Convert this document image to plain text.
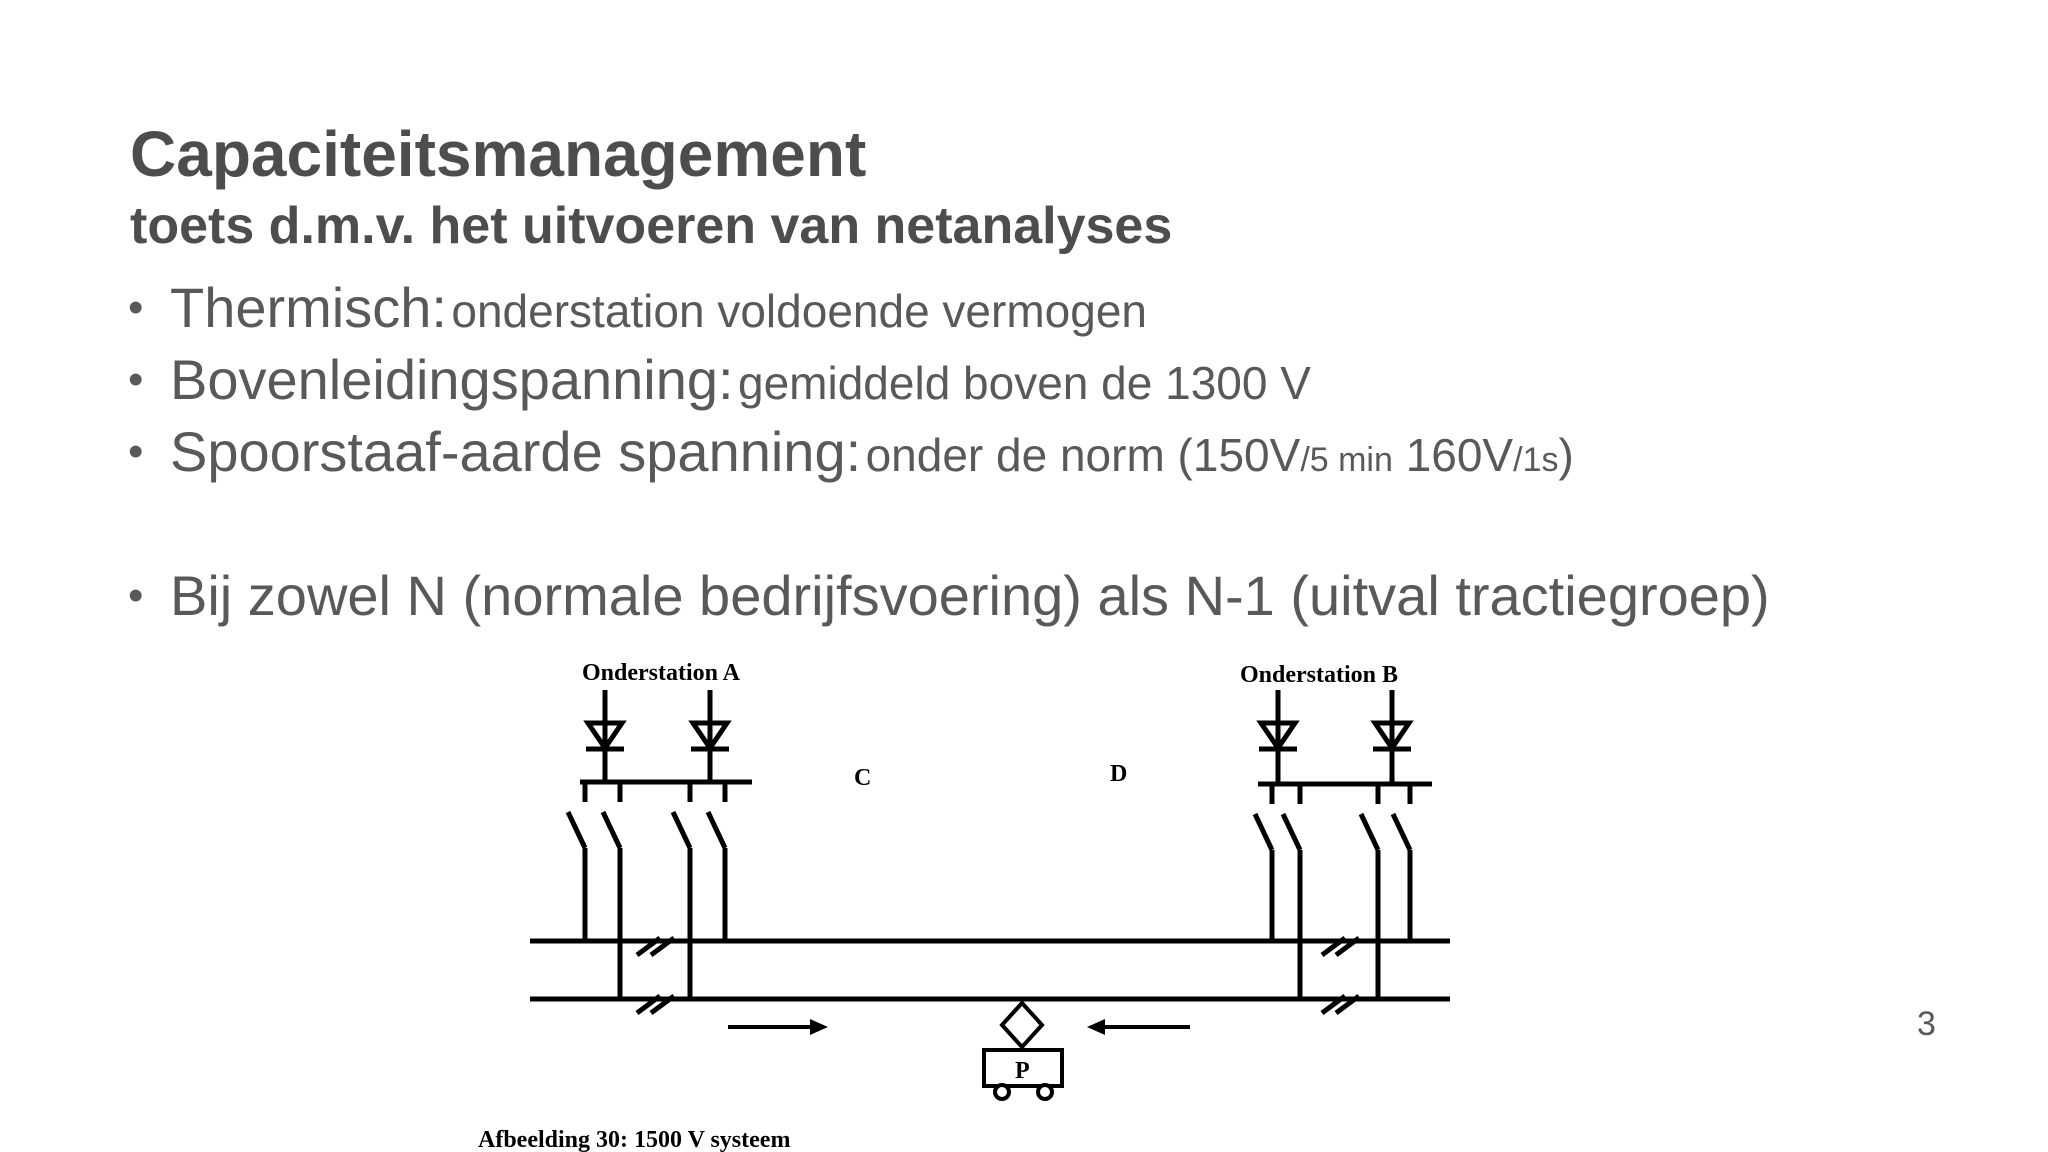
Capaciteitsmanagement
toets d.m.v. het uitvoeren van netanalyses
• Thermisch: onderstation voldoende vermogen
• Bovenleidingspanning: gemiddeld boven de 1300 V
• Spoorstaaf-aarde spanning: onder de norm (150V/5 min 160V/1s)
• Bij zowel N (normale bedrijfsvoering) als N-1 (uitval tractiegroep)
Onderstation A	Onderstation B
C	D
P
Afbeelding 30: 1500 V systeem
3
